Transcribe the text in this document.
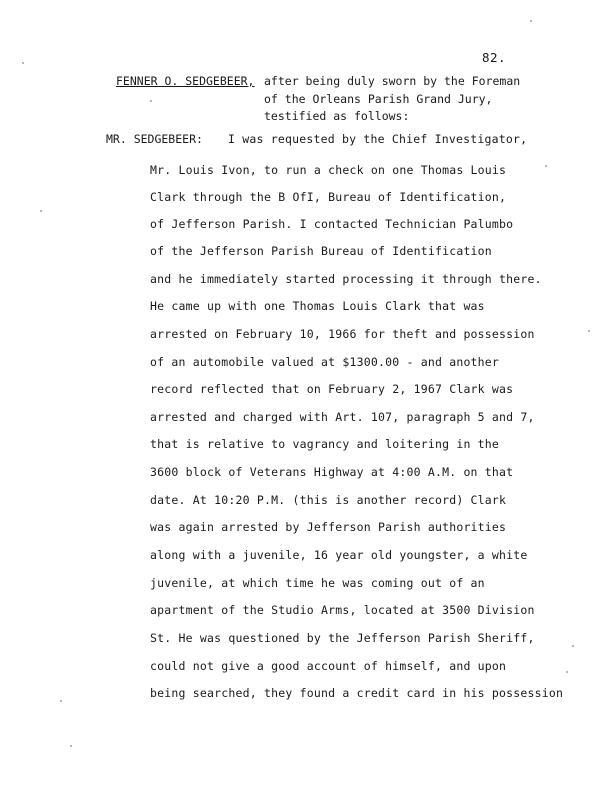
82.
FENNER O. SEDGEBEER, after being duly sworn by the Foreman
of the Orleans Parish Grand Jury,
testified as follows:
MR. SEDGEBEER: I was requested by the Chief Investigator,
Mr. Louis Ivon, to run a check on one Thomas Louis
Clark through the B OfI, Bureau of Identification,
of Jefferson Parish. I contacted Technician Palumbo
of the Jefferson Parish Bureau of Identification
and he immediately started processing it through there.
He came up with one Thomas Louis Clark that was
arrested on February 10, 1966 for theft and possession
of an automobile valued at $1300.00 - and another
record reflected that on February 2, 1967 Clark was
arrested and charged with Art. 107, paragraph 5 and 7,
that is relative to vagrancy and loitering in the
3600 block of Veterans Highway at 4:00 A.M. on that
date. At 10:20 P.M. (this is another record) Clark
was again arrested by Jefferson Parish authorities
along with a juvenile, 16 year old youngster, a white
juvenile, at which time he was coming out of an
apartment of the Studio Arms, located at 3500 Division
St. He was questioned by the Jefferson Parish Sheriff,
could not give a good account of himself, and upon
being searched, they found a credit card in his possession
